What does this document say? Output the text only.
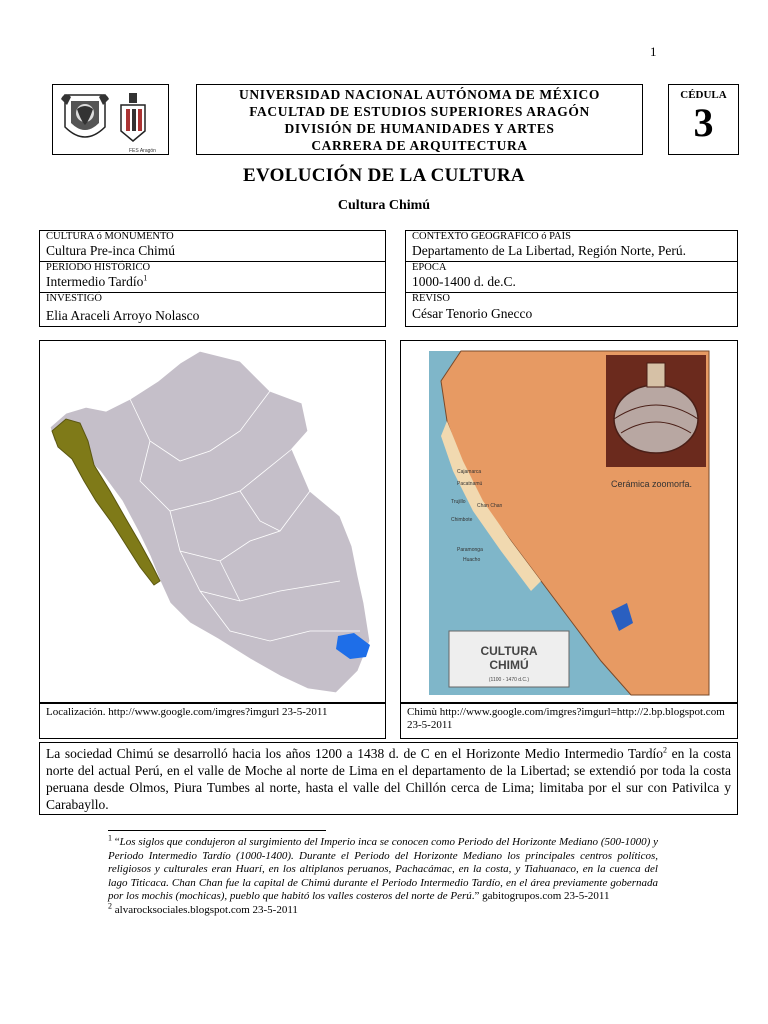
1
FES Aragón
UNIVERSIDAD NACIONAL AUTÓNOMA DE MÉXICO
FACULTAD DE ESTUDIOS SUPERIORES ARAGÓN
DIVISIÓN DE HUMANIDADES Y ARTES
CARRERA DE ARQUITECTURA
CÉDULA
3
EVOLUCIÓN DE LA CULTURA
Cultura Chimú
CULTURA ó MONUMENTO
Cultura Pre-inca Chimú
CONTEXTO GEOGRAFICO ó PAÍS
Departamento de La Libertad, Región Norte, Perú.
PERIODO HISTÓRICO
Intermedio Tardío$^1$
EPOCA
1000-1400 d. de.C.
INVESTIGÓ
Elia Araceli Arroyo Nolasco
REVISO
César Tenorio Gnecco
Cerámica zoomorfa.
CULTURA
CHIMÚ
(1100 - 1470 d.C.)
Cajamarca
Pacatnamú
Trujillo
Chan Chan
Chimbote
Paramonga
Huacho
Localización. http://www.google.com/imgres?imgurl 23-5-2011	Chimù http://www.google.com/imgres?imgurl=http://2.bp.blogspot.com 23-5-2011
La sociedad Chimú se desarrolló hacia los años 1200 a 1438 d. de C en el Horizonte Medio Intermedio Tardío$^2$ en la costa norte del actual Perú, en el valle de Moche al norte de Lima en el departamento de la Libertad; se extendió por toda la costa peruana desde Olmos, Piura Tumbes al norte, hasta el valle del Chillón cerca de Lima; limitaba por el sur con Pativilca y Carabayllo.

$^1$ “Los siglos que condujeron al surgimiento del Imperio inca se conocen como Periodo del Horizonte Mediano (500-1000) y Periodo Intermedio Tardío (1000-1400). Durante el Periodo del Horizonte Mediano los principales centros políticos, religiosos y culturales eran Huarí, en los altiplanos peruanos, Pachacámac, en la costa, y Tiahuanaco, en la cuenca del lago Titicaca. Chan Chan fue la capital de Chimú durante el Periodo Intermedio Tardío, en el área previamente gobernada por los mochis (mochicas), pueblo que habitó los valles costeros del norte de Perú.” gabitogrupos.com 23-5-2011

$^2$ alvarocksociales.blogspot.com 23-5-2011
